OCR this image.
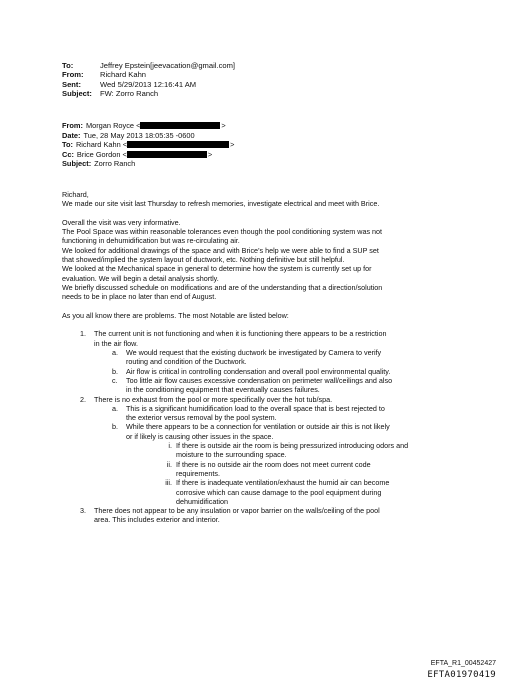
To:	Jeffrey Epstein[jeevacation@gmail.com]
From:	Richard Kahn
Sent:	Wed 5/29/2013 12:16:41 AM
Subject:	FW: Zorro Ranch
From: Morgan Royce <	>
Date: Tue, 28 May 2013 18:05:35 -0600
To: Richard Kahn <	>
Cc: Brice Gordon <	>
Subject: Zorro Ranch

Richard,

We made our site visit last Thursday to refresh memories, investigate electrical and meet with Brice.

Overall the visit was very informative.

The Pool Space was within reasonable tolerances even though the pool conditioning system was not

functioning in dehumidification but was re-circulating air.

We looked for additional drawings of the space and with Brice’s help we were able to find a SUP set

that showed/implied the system layout of ductwork, etc. Nothing definitive but still helpful.

We looked at the Mechanical space in general to determine how the system is currently set up for

evaluation. We will begin a detail analysis shortly.

We briefly discussed schedule on modifications and are of the understanding that a direction/solution

needs to be in place no later than end of August.

As you all know there are problems. The most Notable are listed below:

1.	The current unit is not functioning and when it is functioning there appears to be a restriction

in the air flow.

a.	We would request that the existing ductwork be investigated by Camera to verify

routing and condition of the Ductwork.

b.	Air flow is critical in controlling condensation and overall pool environmental quality.

c.	Too little air flow causes excessive condensation on perimeter wall/ceilings and also

in the conditioning equipment that eventually causes failures.

2.	There is no exhaust from the pool or more specifically over the hot tub/spa.

a.	This is a significant humidification load to the overall space that is best rejected to

the exterior versus removal by the pool system.

b.	While there appears to be a connection for ventilation or outside air this is not likely

or if likely is causing other issues in the space.

i. If there is outside air the room is being pressurized introducing odors and

moisture to the surrounding space.

ii. If there is no outside air the room does not meet current code

requirements.

iii. If there is inadequate ventilation/exhaust the humid air can become

corrosive which can cause damage to the pool equipment during

dehumidification

3.	There does not appear to be any insulation or vapor barrier on the walls/ceiling of the pool

area. This includes exterior and interior.

EFTA_R1_00452427
EFTA01970419
